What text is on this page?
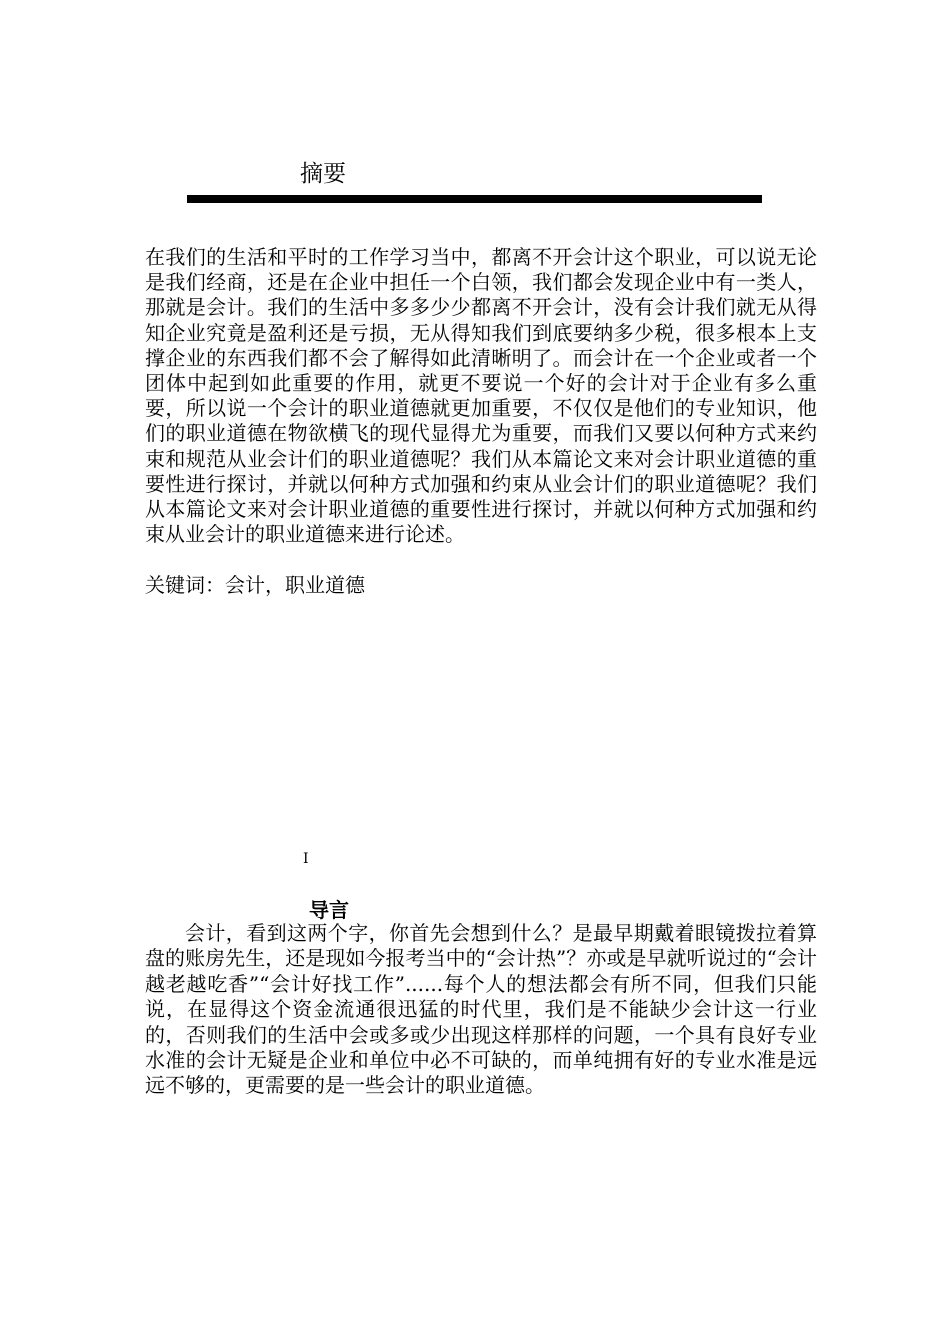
摘要

在我们的生活和平时的工作学习当中，都离不开会计这个职业，可以说无论是我们经商，还是在企业中担任一个白领，我们都会发现企业中有一类人，那就是会计。我们的生活中多多少少都离不开会计，没有会计我们就无从得知企业究竟是盈利还是亏损，无从得知我们到底要纳多少税，很多根本上支撑企业的东西我们都不会了解得如此清晰明了。而会计在一个企业或者一个团体中起到如此重要的作用，就更不要说一个好的会计对于企业有多么重要，所以说一个会计的职业道德就更加重要，不仅仅是他们的专业知识，他们的职业道德在物欲横飞的现代显得尤为重要，而我们又要以何种方式来约束和规范从业会计们的职业道德呢？我们从本篇论文来对会计职业道德的重要性进行探讨，并就以何种方式加强和约束从业会计们的职业道德呢？我们从本篇论文来对会计职业道德的重要性进行探讨，并就以何种方式加强和约束从业会计的职业道德来进行论述。

关键词：会计，职业道德

I
导言

会计，看到这两个字，你首先会想到什么？是最早期戴着眼镜拨拉着算盘的账房先生，还是现如今报考当中的“会计热”？亦或是早就听说过的“会计越老越吃香”“会计好找工作”......每个人的想法都会有所不同，但我们只能说，在显得这个资金流通很迅猛的时代里，我们是不能缺少会计这一行业的，否则我们的生活中会或多或少出现这样那样的问题，一个具有良好专业水准的会计无疑是企业和单位中必不可缺的，而单纯拥有好的专业水准是远远不够的，更需要的是一些会计的职业道德。
